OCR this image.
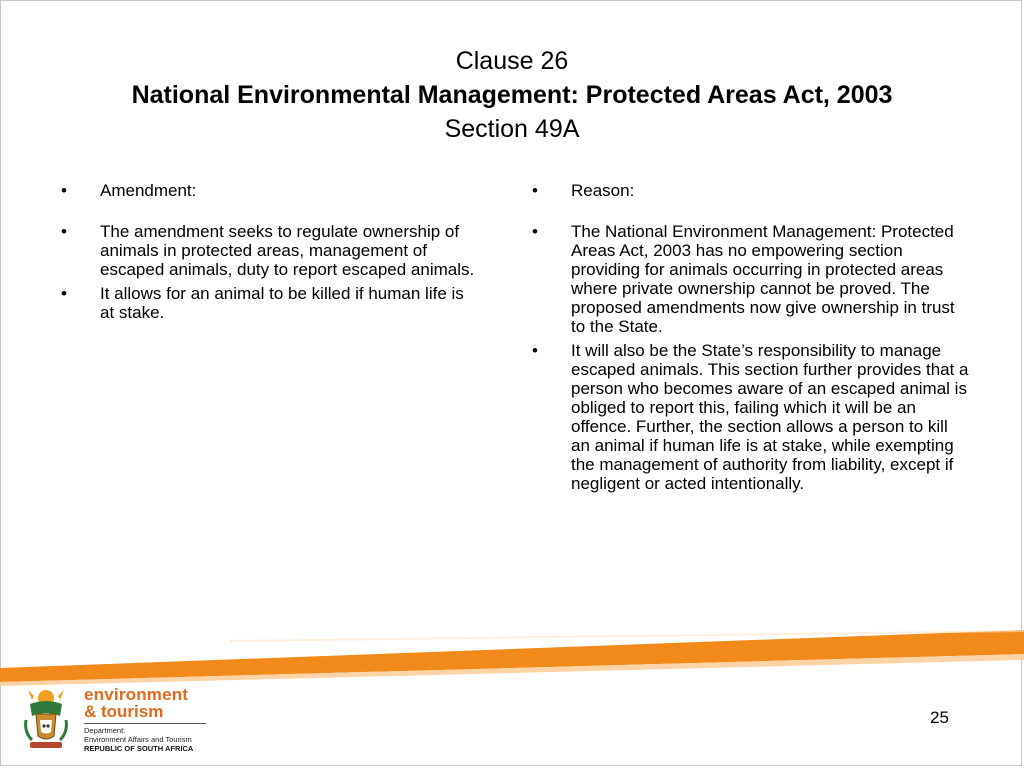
Clause 26
National Environmental Management: Protected Areas Act, 2003
Section 49A
• Amendment:
• The amendment seeks to regulate ownership of animals in protected areas, management of escaped animals, duty to report escaped animals.
• It allows for an animal to be killed if human life is at stake.
• Reason:
• The National Environment Management: Protected Areas Act, 2003 has no empowering section providing for animals occurring in protected areas where private ownership cannot be proved. The proposed amendments now give ownership in trust to the State.
• It will also be the State’s responsibility to manage escaped animals. This section further provides that a person who becomes aware of an escaped animal is obliged to report this, failing which it will be an offence. Further, the section allows a person to kill an animal if human life is at stake, while exempting the management of authority from liability, except if negligent or acted intentionally.
environment
& tourism
Department:
Environment Affairs and Tourism
REPUBLIC OF SOUTH AFRICA
25
